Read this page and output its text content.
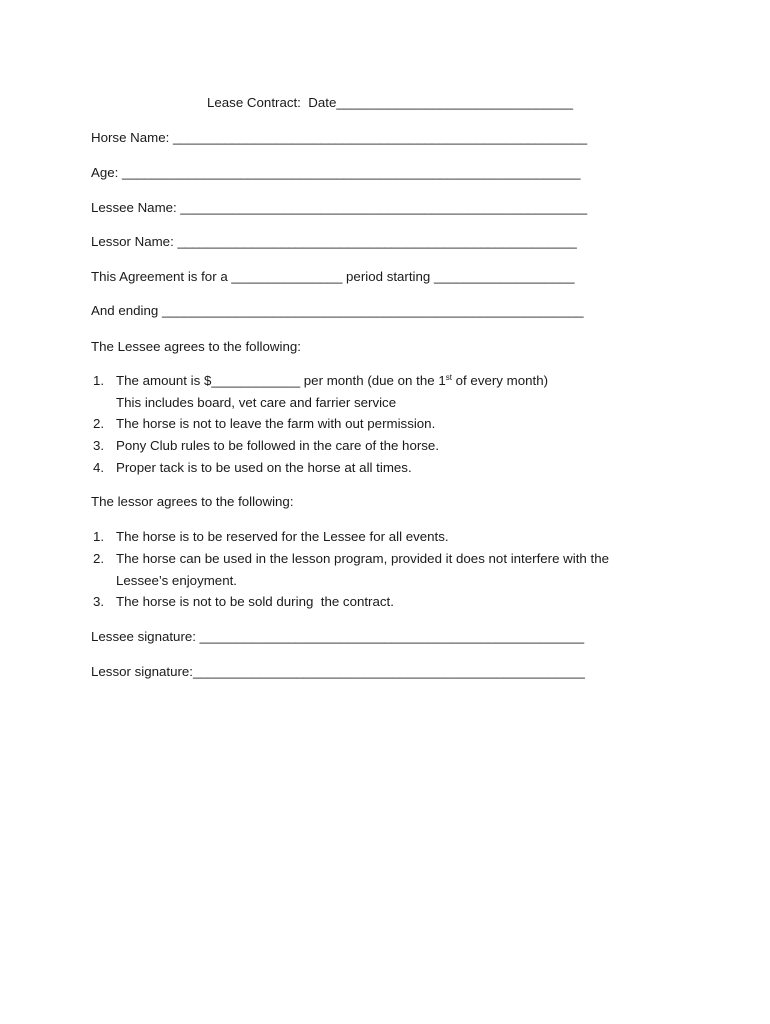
Lease Contract:  Date________________________________
Horse Name: ________________________________________________________
Age: ______________________________________________________________
Lessee Name: _______________________________________________________
Lessor Name: ______________________________________________________
This Agreement is for a _______________ period starting ___________________
And ending _________________________________________________________
The Lessee agrees to the following:
1. The amount is $____________ per month (due on the 1st of every month)
This includes board, vet care and farrier service
2. The horse is not to leave the farm with out permission.
3. Pony Club rules to be followed in the care of the horse.
4. Proper tack is to be used on the horse at all times.
The lessor agrees to the following:
1. The horse is to be reserved for the Lessee for all events.
2. The horse can be used in the lesson program, provided it does not interfere with the
Lessee’s enjoyment.
3. The horse is not to be sold during  the contract.
Lessee signature: ____________________________________________________
Lessor signature:_____________________________________________________
